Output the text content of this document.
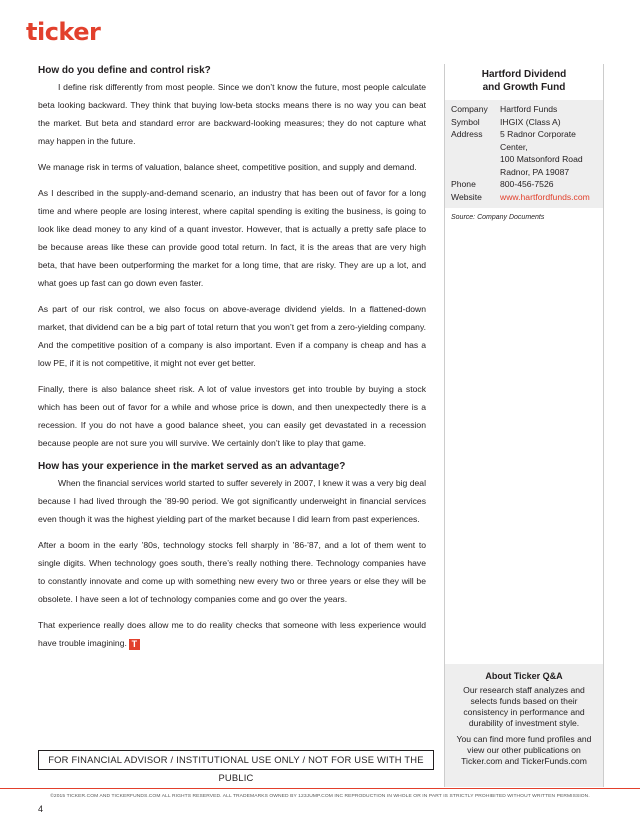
ticker
How do you define and control risk?

I define risk differently from most people. Since we don’t know the future, most people calculate beta looking backward. They think that buying low-beta stocks means there is no way you can beat the market. But beta and standard error are backward-looking measures; they do not capture what may happen in the future.

We manage risk in terms of valuation, balance sheet, competitive position, and supply and demand.

As I described in the supply-and-demand scenario, an industry that has been out of favor for a long time and where people are losing interest, where capital spending is exiting the business, is going to look like dead money to any kind of a quant investor. However, that is actually a pretty safe place to be because areas like these can provide good total return. In fact, it is the areas that are very high beta, that have been outperforming the market for a long time, that are risky. They are up a lot, and what goes up fast can go down even faster.

As part of our risk control, we also focus on above-average dividend yields. In a flattened-down market, that dividend can be a big part of total return that you won’t get from a zero-yielding company. And the competitive position of a company is also important. Even if a company is cheap and has a low PE, if it is not competitive, it might not ever get better.

Finally, there is also balance sheet risk. A lot of value investors get into trouble by buying a stock which has been out of favor for a while and whose price is down, and then unexpectedly there is a recession. If you do not have a good balance sheet, you can easily get devastated in a recession because people are not sure you will survive. We certainly don’t like to play that game.

How has your experience in the market served as an advantage?

When the financial services world started to suffer severely in 2007, I knew it was a very big deal because I had lived through the ’89-90 period. We got significantly underweight in financial services even though it was the highest yielding part of the market because I did learn from past experiences.

After a boom in the early ’80s, technology stocks fell sharply in ’86-’87, and a lot of them went to single digits. When technology goes south, there’s really nothing there. Technology companies have to constantly innovate and come up with something new every two or three years or else they will be obsolete. I have seen a lot of technology companies come and go over the years.

That experience really does allow me to do reality checks that someone with less experience would have trouble imagining. T

Hartford Dividend
and Growth Fund
Company	Hartford Funds
Symbol	IHGIX (Class A)
Address	5 Radnor Corporate Center,
100 Matsonford Road
Radnor, PA 19087
Phone	800-456-7526
Website	www.hartfordfunds.com
Source: Company Documents
About Ticker Q&A

Our research staff analyzes and selects funds based on their consistency in performance and durability of investment style.

You can find more fund profiles and view our other publications on Ticker.com and TickerFunds.com

FOR FINANCIAL ADVISOR / INSTITUTIONAL USE ONLY / NOT FOR USE WITH THE PUBLIC
©2015 TICKER.COM AND TICKERFUNDS.COM ALL RIGHTS RESERVED. ALL TRADEMARKS OWNED BY 123JUMP.COM INC REPRODUCTION IN WHOLE OR IN PART IS STRICTLY PROHIBITED WITHOUT WRITTEN PERMISSION.
4
